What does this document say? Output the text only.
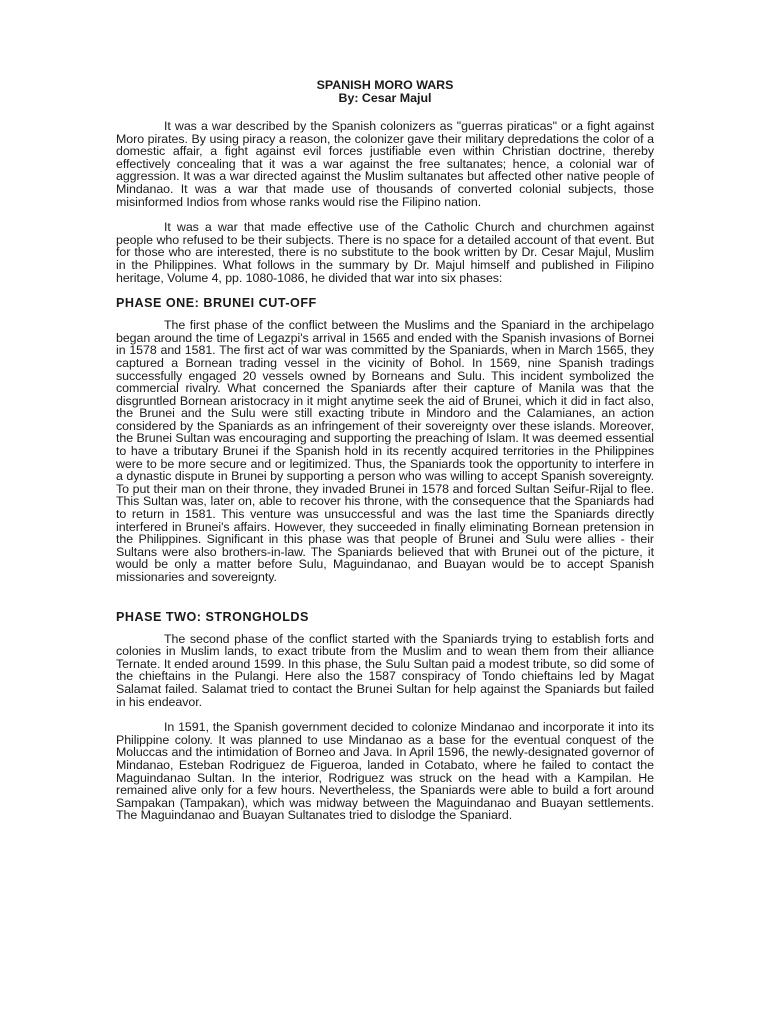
SPANISH MORO WARS
By: Cesar Majul

It was a war described by the Spanish colonizers as "guerras piraticas" or a fight against Moro pirates. By using piracy a reason, the colonizer gave their military depredations the color of a domestic affair, a fight against evil forces justifiable even within Christian doctrine, thereby effectively concealing that it was a war against the free sultanates; hence, a colonial war of aggression. It was a war directed against the Muslim sultanates but affected other native people of Mindanao. It was a war that made use of thousands of converted colonial subjects, those misinformed Indios from whose ranks would rise the Filipino nation.

It was a war that made effective use of the Catholic Church and churchmen against people who refused to be their subjects. There is no space for a detailed account of that event. But for those who are interested, there is no substitute to the book written by Dr. Cesar Majul, Muslim in the Philippines. What follows in the summary by Dr. Majul himself and published in Filipino heritage, Volume 4, pp. 1080-1086, he divided that war into six phases:

PHASE ONE: BRUNEI CUT-OFF

The first phase of the conflict between the Muslims and the Spaniard in the archipelago began around the time of Legazpi's arrival in 1565 and ended with the Spanish invasions of Bornei in 1578 and 1581. The first act of war was committed by the Spaniards, when in March 1565, they captured a Bornean trading vessel in the vicinity of Bohol. In 1569, nine Spanish tradings successfully engaged 20 vessels owned by Borneans and Sulu. This incident symbolized the commercial rivalry. What concerned the Spaniards after their capture of Manila was that the disgruntled Bornean aristocracy in it might anytime seek the aid of Brunei, which it did in fact also, the Brunei and the Sulu were still exacting tribute in Mindoro and the Calamianes, an action considered by the Spaniards as an infringement of their sovereignty over these islands. Moreover, the Brunei Sultan was encouraging and supporting the preaching of Islam. It was deemed essential to have a tributary Brunei if the Spanish hold in its recently acquired territories in the Philippines were to be more secure and or legitimized. Thus, the Spaniards took the opportunity to interfere in a dynastic dispute in Brunei by supporting a person who was willing to accept Spanish sovereignty. To put their man on their throne, they invaded Brunei in 1578 and forced Sultan Seifur-Rijal to flee. This Sultan was, later on, able to recover his throne, with the consequence that the Spaniards had to return in 1581. This venture was unsuccessful and was the last time the Spaniards directly interfered in Brunei's affairs. However, they succeeded in finally eliminating Bornean pretension in the Philippines. Significant in this phase was that people of Brunei and Sulu were allies - their Sultans were also brothers-in-law. The Spaniards believed that with Brunei out of the picture, it would be only a matter before Sulu, Maguindanao, and Buayan would be to accept Spanish missionaries and sovereignty.

PHASE TWO: STRONGHOLDS

The second phase of the conflict started with the Spaniards trying to establish forts and colonies in Muslim lands, to exact tribute from the Muslim and to wean them from their alliance Ternate. It ended around 1599. In this phase, the Sulu Sultan paid a modest tribute, so did some of the chieftains in the Pulangi. Here also the 1587 conspiracy of Tondo chieftains led by Magat Salamat failed. Salamat tried to contact the Brunei Sultan for help against the Spaniards but failed in his endeavor.

In 1591, the Spanish government decided to colonize Mindanao and incorporate it into its Philippine colony. It was planned to use Mindanao as a base for the eventual conquest of the Moluccas and the intimidation of Borneo and Java. In April 1596, the newly-designated governor of Mindanao, Esteban Rodriguez de Figueroa, landed in Cotabato, where he failed to contact the Maguindanao Sultan. In the interior, Rodriguez was struck on the head with a Kampilan. He remained alive only for a few hours. Nevertheless, the Spaniards were able to build a fort around Sampakan (Tampakan), which was midway between the Maguindanao and Buayan settlements. The Maguindanao and Buayan Sultanates tried to dislodge the Spaniard.
